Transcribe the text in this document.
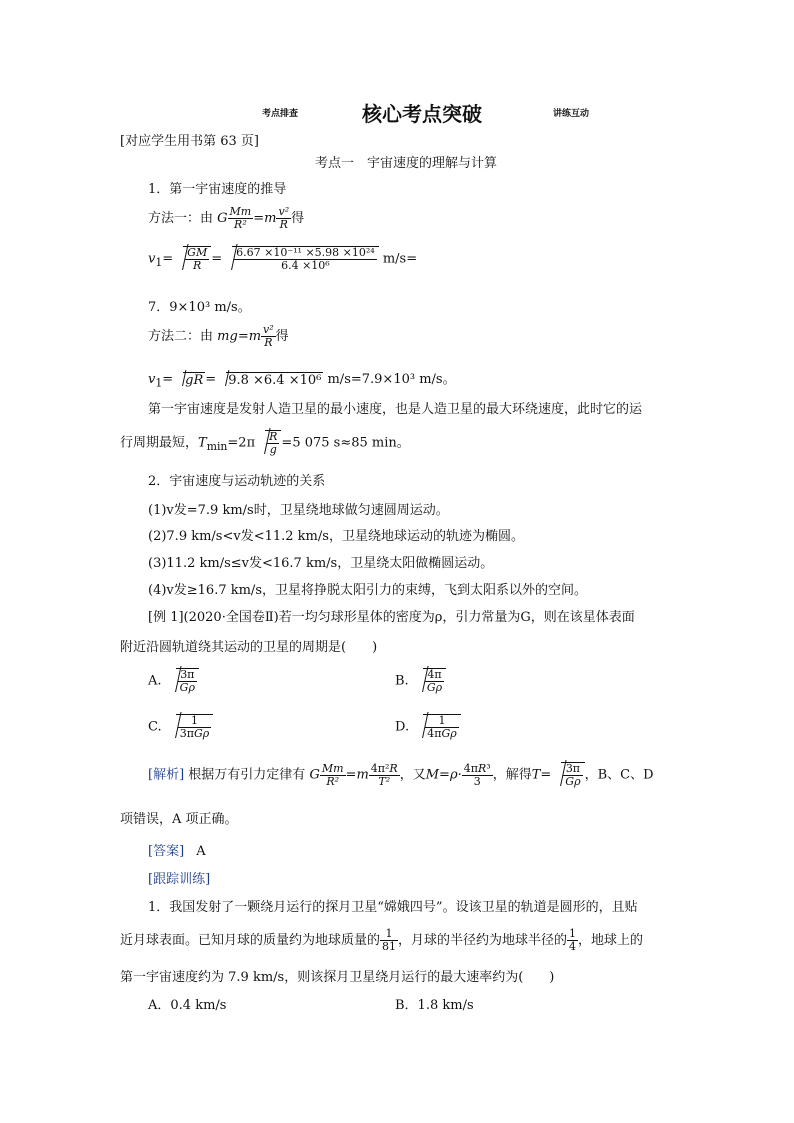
考点排查	核心考点突破	讲练互动
[对应学生用书第 63 页]
考点一　宇宙速度的理解与计算
1．第一宇宙速度的推导
方法一：由 G $\frac{Mm}{\text{R²}} =m \frac{\text{v²}}{R}$ 得
$v_1= \frac{GM}{R} = \frac{\text{6.67 ×10⁻¹¹ ×5.98 ×10²⁴}}{\text{6.4 ×10⁶}} m/s=$
7．9×10³ m/s。
方法二：由 $mg=m \frac{\text{v²}}{R}$ 得
$v_1=$ gR = 9.8 ×6.4 ×10⁶ m/s=7.9×10³ m/s。
第一宇宙速度是发射人造卫星的最小速度，也是人造卫星的最大环绕速度，此时它的运
行周期最短，$T_{min}=2\pi \frac{R}{g} =5$ 075 s≈85 min。
2．宇宙速度与运动轨迹的关系
(1)v发=7.9 km/s时，卫星绕地球做匀速圆周运动。
(2)7.9 km/s<v发<11.2 km/s，卫星绕地球运动的轨迹为椭圆。
(3)11.2 km/s≤v发<16.7 km/s，卫星绕太阳做椭圆运动。
(4)v发≥16.7 km/s，卫星将挣脱太阳引力的束缚，飞到太阳系以外的空间。
[例 1](2020·全国卷Ⅱ)若一均匀球形星体的密度为ρ，引力常量为G，则在该星体表面
附近沿圆轨道绕其运动的卫星的周期是(　　)
A. $\frac{3\pi}{G\rho}$	B. $\frac{4\pi}{G\rho}$
C. $\frac{1}{\text{3πGρ}}$	D. $\frac{1}{\text{4πGρ}}$
[解析] 根据万有引力定律有 G $\frac{Mm}{\text{R²}} =m \frac{\text{4π²R}}{\text{T²}}$ ，又$M=\rho\cdot \frac{\text{4πR³}}{3}$ ，解得$T= \frac{3\pi}{G\rho}$ ，B、C、D
项错误，A 项正确。
[答案] A
[跟踪训练]
1．我国发射了一颗绕月运行的探月卫星“嫦娥四号”。设该卫星的轨道是圆形的，且贴
近月球表面。已知月球的质量约为地球质量的 $\frac{1}{81}$ ，月球的半径约为地球半径的 $\frac{1}{4}$ ，地球上的
第一宇宙速度约为 7.9 km/s，则该探月卫星绕月运行的最大速率约为(　　)
A．0.4 km/s	B．1.8 km/s
